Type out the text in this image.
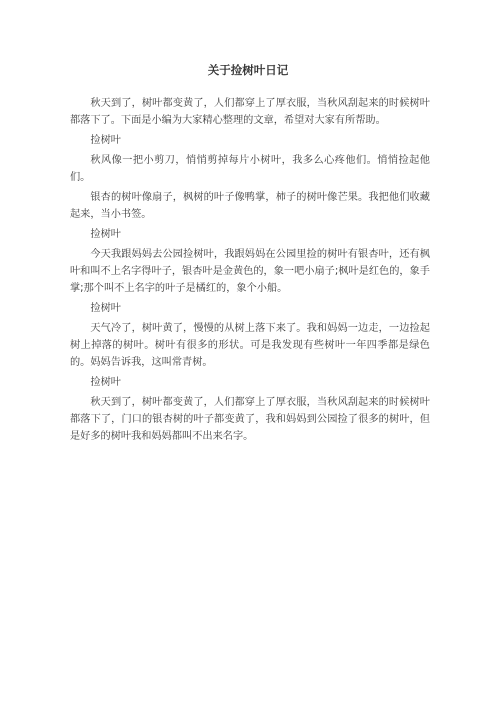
关于捡树叶日记

秋天到了，树叶都变黄了，人们都穿上了厚衣服，当秋风刮起来的时候树叶都落下了。下面是小编为大家精心整理的文章，希望对大家有所帮助。

捡树叶

秋风像一把小剪刀，悄悄剪掉每片小树叶，我多么心疼他们。悄悄捡起他们。

银杏的树叶像扇子，枫树的叶子像鸭掌，柿子的树叶像芒果。我把他们收藏起来，当小书签。

捡树叶

今天我跟妈妈去公园捡树叶，我跟妈妈在公园里捡的树叶有银杏叶，还有枫叶和叫不上名字得叶子，银杏叶是金黄色的，象一吧小扇子;枫叶是红色的，象手掌;那个叫不上名字的叶子是橘红的，象个小船。

捡树叶

天气冷了，树叶黄了，慢慢的从树上落下来了。我和妈妈一边走，一边捡起树上掉落的树叶。树叶有很多的形状。可是我发现有些树叶一年四季都是绿色的。妈妈告诉我，这叫常青树。

捡树叶

秋天到了，树叶都变黄了，人们都穿上了厚衣服，当秋风刮起来的时候树叶都落下了，门口的银杏树的叶子都变黄了，我和妈妈到公园捡了很多的树叶，但是好多的树叶我和妈妈都叫不出来名字。
